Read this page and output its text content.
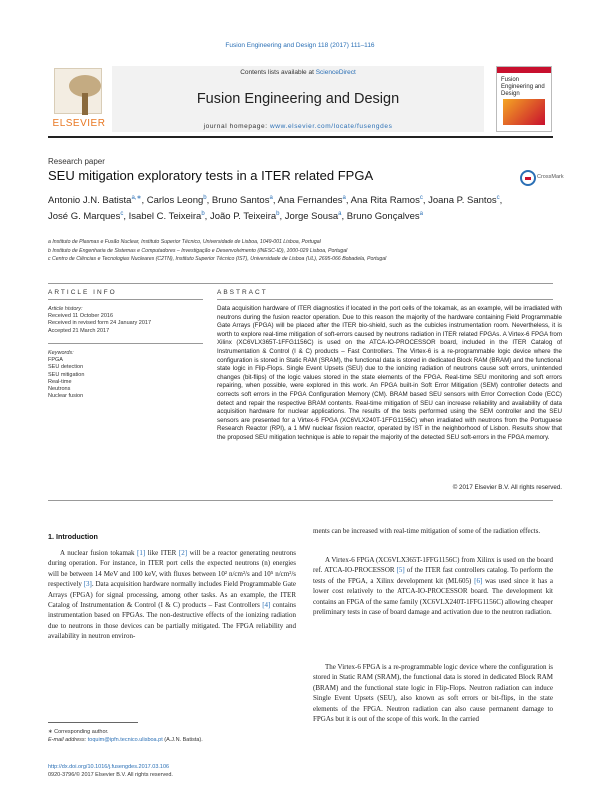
Fusion Engineering and Design 118 (2017) 111–116
ELSEVIER
Contents lists available at ScienceDirect
Fusion Engineering and Design
journal homepage: www.elsevier.com/locate/fusengdes
Fusion Engineering and Design
Research paper
SEU mitigation exploratory tests in a ITER related FPGA	CrossMark
Antonio J.N. Batista$^{a,∗}$, Carlos Leong$^b$, Bruno Santos$^a$, Ana Fernandes$^a$, Ana Rita Ramos$^c$, Joana P. Santos$^c$, José G. Marques$^c$, Isabel C. Teixeira$^b$, João P. Teixeira$^b$, Jorge Sousa$^a$, Bruno Gonçalves$^a$
a Instituto de Plasmas e Fusão Nuclear, Instituto Superior Técnico, Universidade de Lisboa, 1049-001 Lisboa, Portugal
b Instituto de Engenharia de Sistemas e Computadores – Investigação e Desenvolvimento (INESC-ID), 1000-029 Lisboa, Portugal
c Centro de Ciências e Tecnologias Nucleares (C2TN), Instituto Superior Técnico (IST), Universidade de Lisboa (UL), 2695-066 Bobadela, Portugal
ARTICLE INFO	ABSTRACT
Article history:
Received 11 October 2016
Received in revised form 24 January 2017
Accepted 21 March 2017
Keywords:
FPGA
SEU detection
SEU mitigation
Real-time
Neutrons
Nuclear fusion
Data acquisition hardware of ITER diagnostics if located in the port cells of the tokamak, as an example, will be irradiated with neutrons during the fusion reactor operation. Due to this reason the majority of the hardware containing Field Programmable Gate Arrays (FPGA) will be placed after the ITER bio-shield, such as the cubicles instrumentation room. Nevertheless, it is worth to explore real-time mitigation of soft-errors caused by neutrons radiation in ITER related FPGAs. A Virtex-6 FPGA from Xilinx (XC6VLX365T-1FFG1156C) is used on the ATCA-IO-PROCESSOR board, included in the ITER Catalog of Instrumentation & Control (I & C) products – Fast Controllers. The Virtex-6 is a re-programmable logic device where the configuration is stored in Static RAM (SRAM), the functional data is stored in dedicated Block RAM (BRAM) and the functional state logic in Flip-Flops. Single Event Upsets (SEU) due to the ionizing radiation of neutrons cause soft errors, unintended changes (bit-flips) of the logic values stored in the state elements of the FPGA. Real-time SEU monitoring and soft errors repairing, when possible, were explored in this work. An FPGA built-in Soft Error Mitigation (SEM) controller detects and corrects soft errors in the FPGA Configuration Memory (CM). BRAM based SEU sensors with Error Correction Code (ECC) detect and repair the respective BRAM contents. Real-time mitigation of SEU can increase reliability and availability of data acquisition hardware for nuclear applications. The results of the tests performed using the SEM controller and the SEU sensors are presented for a Virtex-6 FPGA (XC6VLX240T-1FFG1156C) when irradiated with neutrons from the Portuguese Research Reactor (RPI), a 1 MW nuclear fission reactor, operated by IST in the neighborhood of Lisbon. Results show that the proposed SEU mitigation technique is able to repair the majority of the detected SEU soft-errors in the FPGA memory.
© 2017 Elsevier B.V. All rights reserved.
1. Introduction
A nuclear fusion tokamak [1] like ITER [2] will be a reactor generating neutrons during operation. For instance, in ITER port cells the expected neutrons (n) energies will be between 14 MeV and 100 keV, with fluxes between 10² n/cm²/s and 10⁵ n/cm²/s respectively [3]. Data acquisition hardware normally includes Field Programmable Gate Arrays (FPGA) for signal processing, among other tasks. As an example, the ITER Catalog of Instrumentation & Control (I & C) products – Fast Controllers [4] contains instrumentation based on FPGAs. The non-destructive effects of the ionizing radiation due to neutrons in those devices can be partially mitigated. The FPGA reliability and availability in neutron environ-
ments can be increased with real-time mitigation of some of the radiation effects.
A Virtex-6 FPGA (XC6VLX365T-1FFG1156C) from Xilinx is used on the board ref. ATCA-IO-PROCESSOR [5] of the ITER fast controllers catalog. To perform the tests of the FPGA, a Xilinx development kit (ML605) [6] was used since it has a lower cost relatively to the ATCA-IO-PROCESSOR board. The development kit contains an FPGA of the same family (XC6VLX240T-1FFG1156C) allowing cheaper preliminary tests in case of board damage and activation due to the neutron radiation.
The Virtex-6 FPGA is a re-programmable logic device where the configuration is stored in Static RAM (SRAM), the functional data is stored in dedicated Block RAM (BRAM) and the functional state logic in Flip-Flops. Neutron radiation can induce Single Event Upsets (SEU), also known as soft errors or bit-flips, in the state elements of the FPGA. Neutron radiation can also cause permanent damage to FPGAs but it is out of the scope of this work. In the carried
∗ Corresponding author.
E-mail address: toquim@ipfn.tecnico.ulisboa.pt (A.J.N. Batista).
http://dx.doi.org/10.1016/j.fusengdes.2017.03.106
0920-3796/© 2017 Elsevier B.V. All rights reserved.
